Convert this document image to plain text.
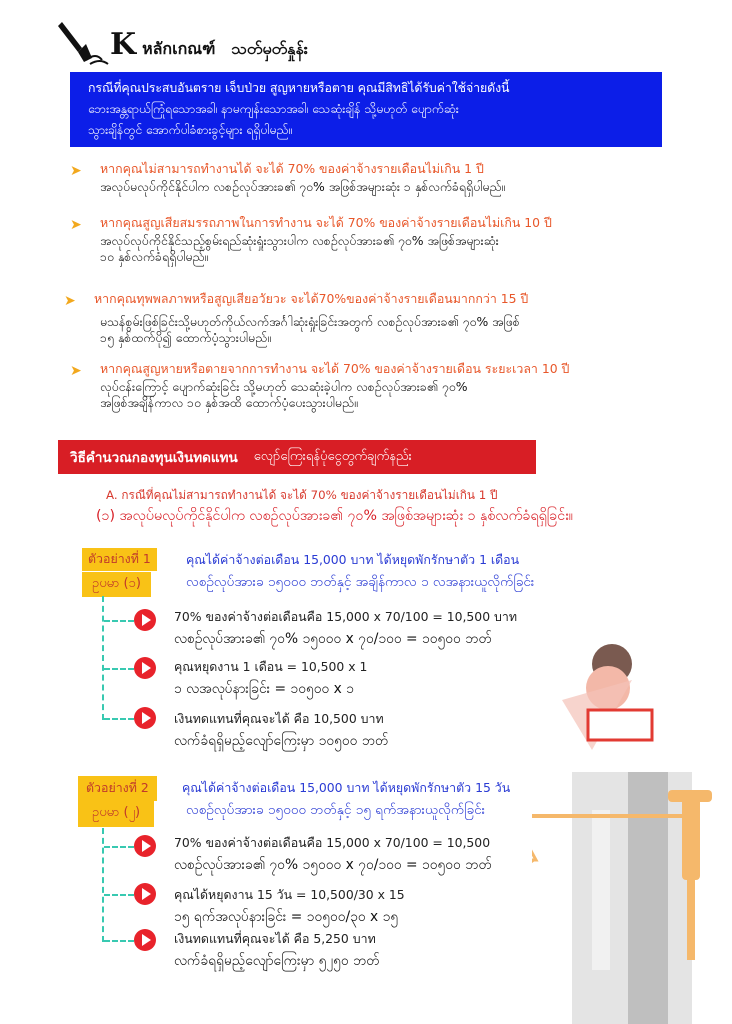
K หลักเกณฑ์ သတ်မှတ်နှုန်း

กรณีที่คุณประสบอันตราย เจ็บป่วย สูญหายหรือตาย คุณมีสิทธิได้รับค่าใช้จ่ายดังนี้

ဘေးအန္တရာယ်ကြုံရသောအခါ၊ နာမကျန်းသောအခါ၊ သေဆုံးချိန် သို့မဟုတ် ပျောက်ဆုံး

သွားချိန်တွင် အောက်ပါခံစားခွင့်များ ရရှိပါမည်။

➤ หากคุณไม่สามารถทำงานได้ จะได้ 70% ของค่าจ้างรายเดือนไม่เกิน 1 ปี
အလုပ်မလုပ်ကိုင်နိုင်ပါက လစဉ်လုပ်အားခ၏ ၇၀% အဖြစ်အများဆုံး ၁ နှစ်လက်ခံရရှိပါမည်။
➤ หากคุณสูญเสียสมรรถภาพในการทำงาน จะได้ 70% ของค่าจ้างรายเดือนไม่เกิน 10 ปี
အလုပ်လုပ်ကိုင်နိုင်သည့်စွမ်းရည်ဆုံးရှုံးသွားပါက လစဉ်လုပ်အားခ၏ ၇၀% အဖြစ်အများဆုံး
၁၀ နှစ်လက်ခံရရှိပါမည်။
➤ หากคุณทุพพลภาพหรือสูญเสียอวัยวะ จะได้70%ของค่าจ้างรายเดือนมากกว่า 15 ปี
မသန်စွမ်းဖြစ်ခြင်းသို့မဟုတ်ကိုယ်လက်အင်္ဂါဆုံးရှုံးခြင်းအတွက် လစဉ်လုပ်အားခ၏ ၇၀% အဖြစ်
၁၅ နှစ်ထက်ပို၍ ထောက်ပံ့သွားပါမည်။
➤ หากคุณสูญหายหรือตายจากการทำงาน จะได้ 70% ของค่าจ้างรายเดือน ระยะเวลา 10 ปี
လုပ်ငန်းကြောင့် ပျောက်ဆုံးခြင်း သို့မဟုတ် သေဆုံးခဲ့ပါက လစဉ်လုပ်အားခ၏ ၇၀%
အဖြစ်အချိန်ကာလ ၁၀ နှစ်အထိ ထောက်ပံ့ပေးသွားပါမည်။
วิธีคำนวณกองทุนเงินทดแทน လျော်ကြေးရန်ပုံငွေတွက်ချက်နည်း
A. กรณีที่คุณไม่สามารถทำงานได้ จะได้ 70% ของค่าจ้างรายเดือนไม่เกิน 1 ปี
(၁) အလုပ်မလုပ်ကိုင်နိုင်ပါက လစဉ်လုပ်အားခ၏ ၇၀% အဖြစ်အများဆုံး ၁ နှစ်လက်ခံရရှိခြင်း။
ตัวอย่างที่ 1
ဥပမာ (၁)
คุณได้ค่าจ้างต่อเดือน 15,000 บาท ได้หยุดพักรักษาตัว 1 เดือน
လစဉ်လုပ်အားခ ၁၅၀၀၀ ဘတ်နှင့် အချိန်ကာလ ၁ လအနားယူလိုက်ခြင်း
70% ของค่าจ้างต่อเดือนคือ 15,000 x 70/100 = 10,500 บาท
လစဉ်လုပ်အားခ၏ ၇၀% ၁၅၀၀၀ x ၇၀/၁၀၀ = ၁၀၅၀၀ ဘတ်
คุณหยุดงาน 1 เดือน = 10,500 x 1
၁ လအလုပ်နားခြင်း = ၁၀၅၀၀ x ၁
เงินทดแทนที่คุณจะได้ คือ 10,500 บาท
လက်ခံရရှိမည့်လျော်ကြေးမှာ ၁၀၅၀၀ ဘတ်
ตัวอย่างที่ 2
ဥပမာ (၂)
คุณได้ค่าจ้างต่อเดือน 15,000 บาท ได้หยุดพักรักษาตัว 15 วัน
လစဉ်လုပ်အားခ ၁၅၀၀၀ ဘတ်နှင့် ၁၅ ရက်အနားယူလိုက်ခြင်း
70% ของค่าจ้างต่อเดือนคือ 15,000 x 70/100 = 10,500
လစဉ်လုပ်အားခ၏ ၇၀% ၁၅၀၀၀ x ၇၀/၁၀၀ = ၁၀၅၀၀ ဘတ်
คุณได้หยุดงาน 15 วัน = 10,500/30 x 15
၁၅ ရက်အလုပ်နားခြင်း = ၁၀၅၀၀/၃၀ x ၁၅
เงินทดแทนที่คุณจะได้ คือ 5,250 บาท
လက်ခံရရှိမည့်လျော်ကြေးမှာ ၅၂၅၀ ဘတ်
